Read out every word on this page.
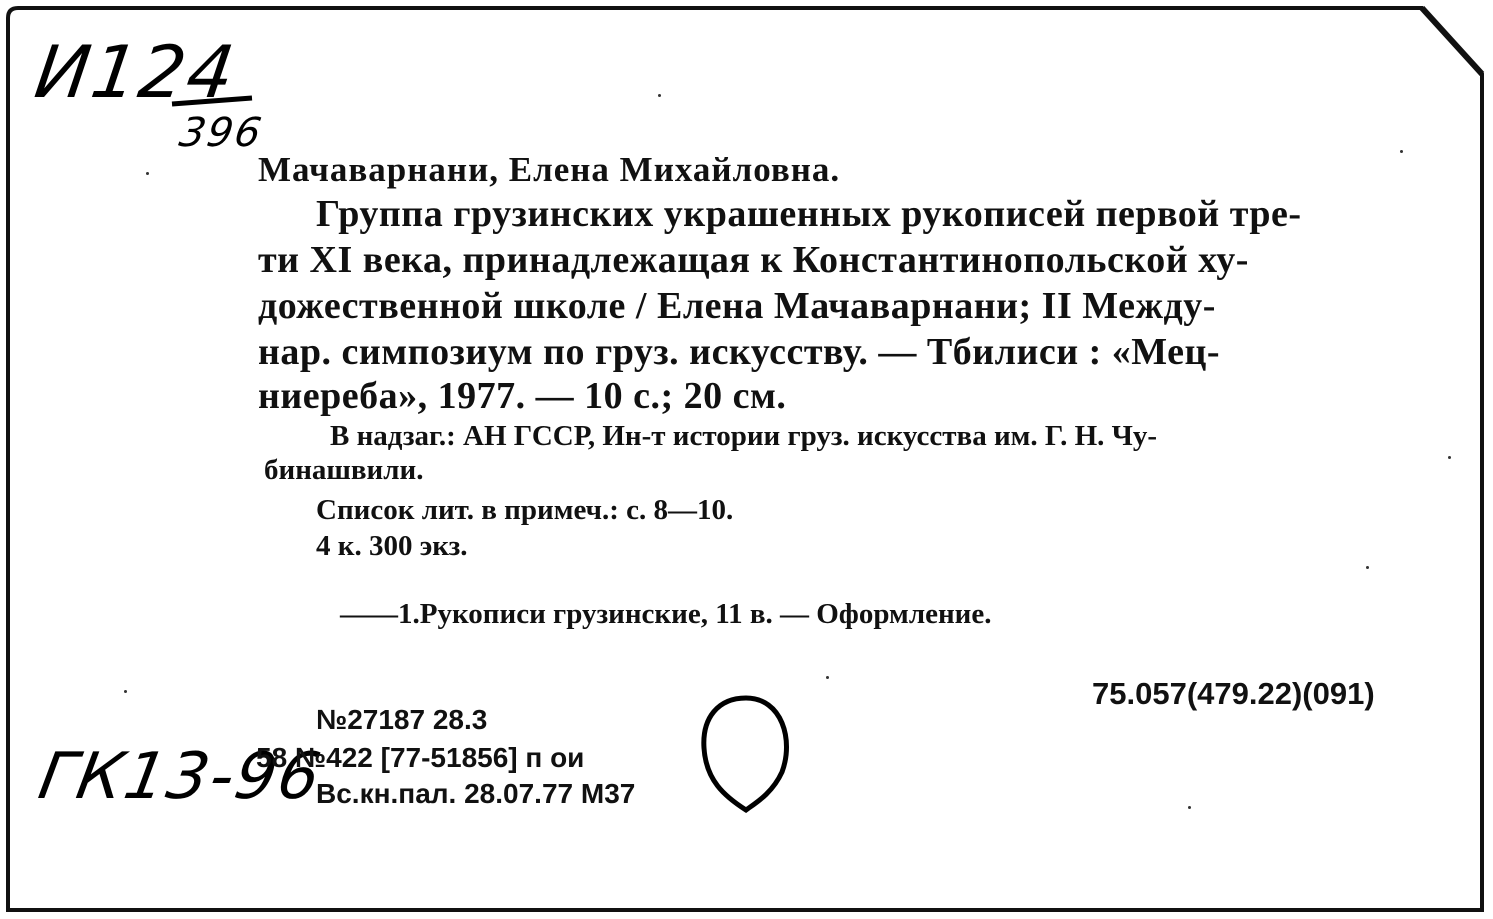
И124
396
ГК13-96
Мачаварнани, Елена Михайловна.
Группа грузинских украшенных рукописей первой тре-
ти XI века, принадлежащая к Константинопольской ху-
дожественной школе / Елена Мачаварнани; II Междy-
нар. симпозиум по груз. искусству. — Тбилиси : «Мец-
ниереба», 1977. — 10 с.; 20 см.
В надзаг.: АН ГССР, Ин-т истории груз. искусства им. Г. Н. Чу-
бинашвили.
Список лит. в примеч.: с. 8—10.
4 к. 300 экз.
——1.Рукописи грузинские, 11 в. — Оформление.
75.057(479.22)(091)
№27187 28.3
58 №422 [77-51856] п ои
Вс.кн.пал. 28.07.77 М37
